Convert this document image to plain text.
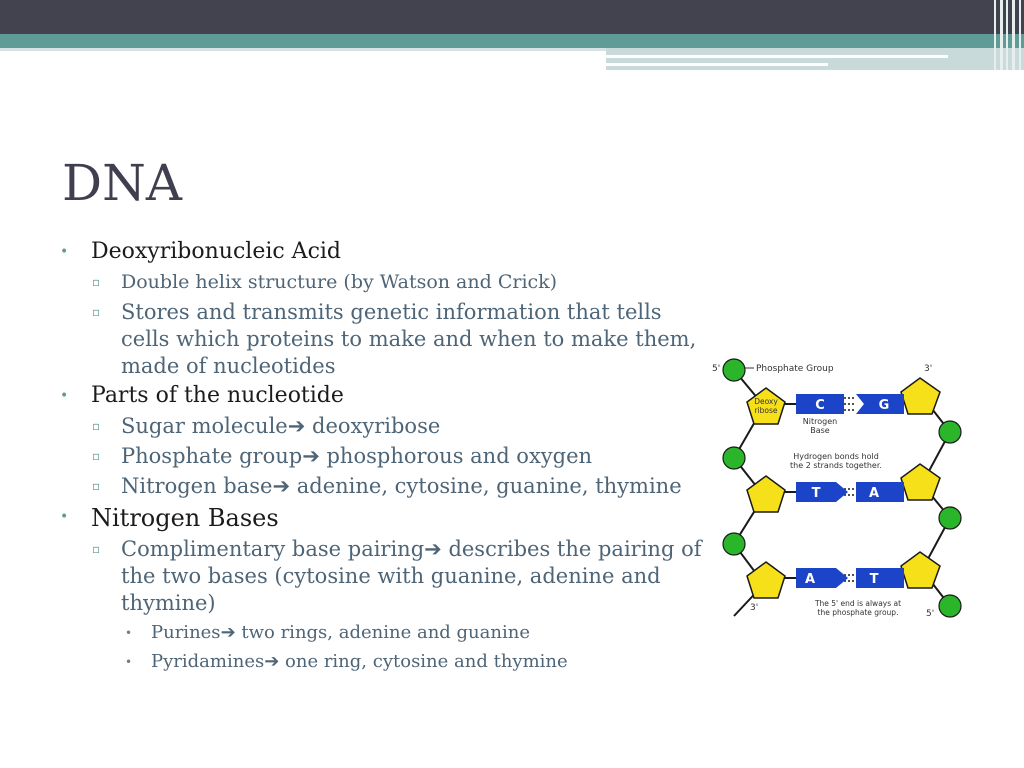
DNA
•	Deoxyribonucleic Acid
▫	Double helix structure (by Watson and Crick)
▫ Stores and transmits genetic information that tells cells which proteins to make and when to make them, made of nucleotides
•	Parts of the nucleotide
▫ Sugar molecule➔ deoxyribose
▫ Phosphate group➔ phosphorous and oxygen
▫ Nitrogen base➔ adenine, cytosine, guanine, thymine
• Nitrogen Bases
▫ Complimentary base pairing➔ describes the pairing of the two bases (cytosine with guanine, adenine and thymine)
•	Purines➔ two rings, adenine and guanine
•	Pyridamines➔ one ring, cytosine and thymine
C	G
T	A
A	T
5'	Phosphate Group	3'
Deoxy
ribose
Nitrogen
Base
Hydrogen bonds hold
the 2 strands together.
3'	The 5' end is always at
the phosphate group.	5'
